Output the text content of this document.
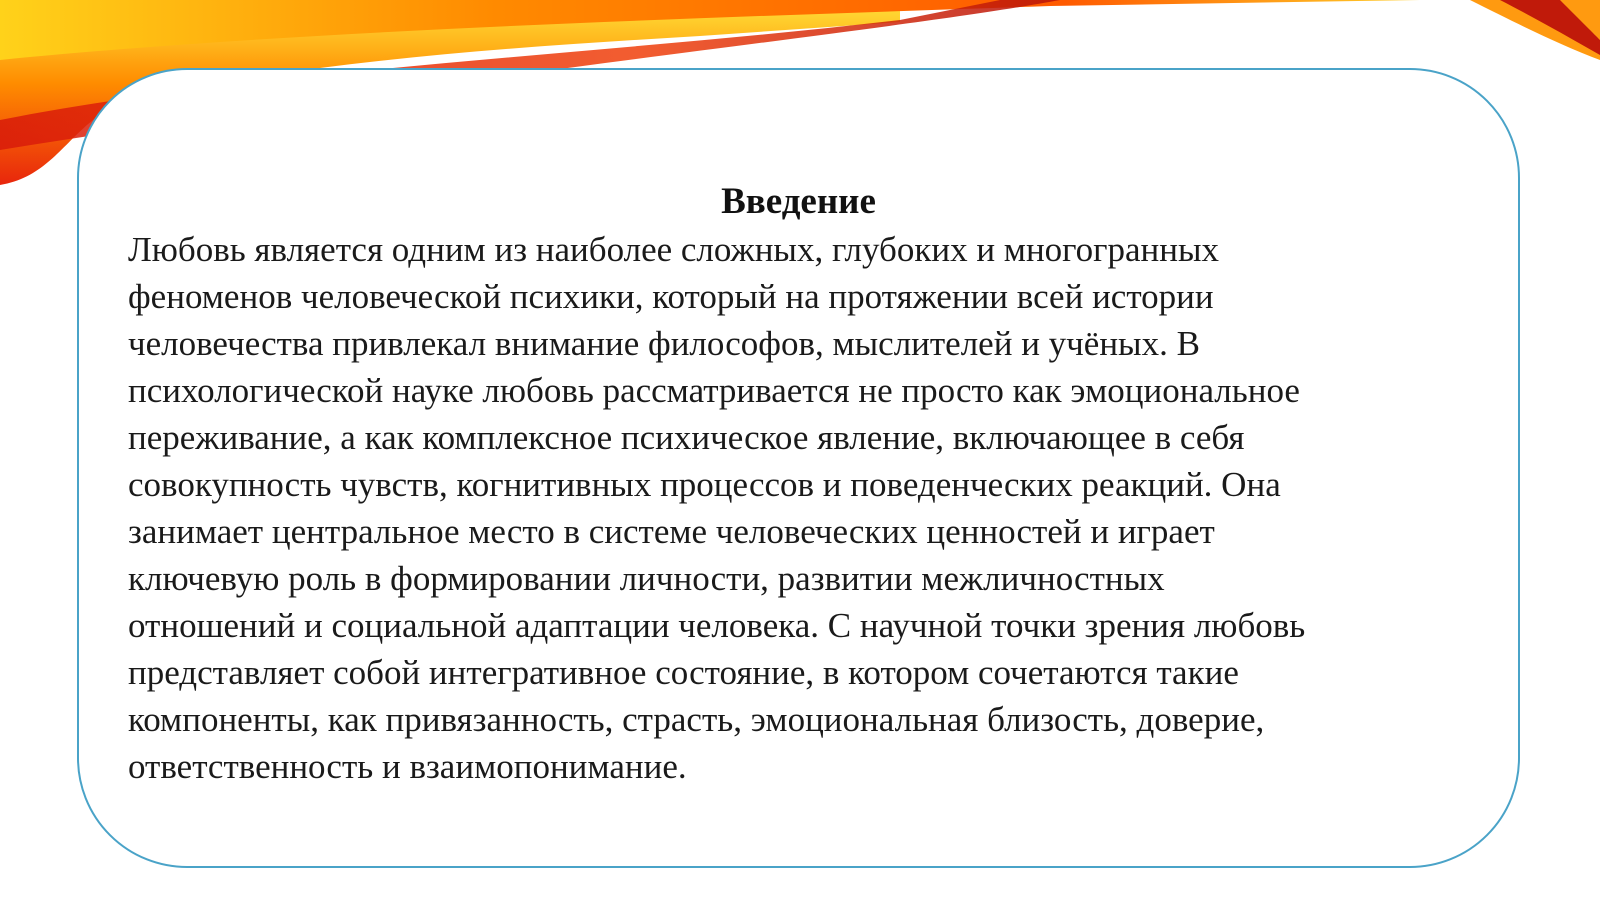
Введение
Любовь является одним из наиболее сложных, глубоких и многогранных
феноменов человеческой психики, который на протяжении всей истории
человечества привлекал внимание философов, мыслителей и учёных. В
психологической науке любовь рассматривается не просто как эмоциональное
переживание, а как комплексное психическое явление, включающее в себя
совокупность чувств, когнитивных процессов и поведенческих реакций. Она
занимает центральное место в системе человеческих ценностей и играет
ключевую роль в формировании личности, развитии межличностных
отношений и социальной адаптации человека. С научной точки зрения любовь
представляет собой интегративное состояние, в котором сочетаются такие
компоненты, как привязанность, страсть, эмоциональная близость, доверие,
ответственность и взаимопонимание.
